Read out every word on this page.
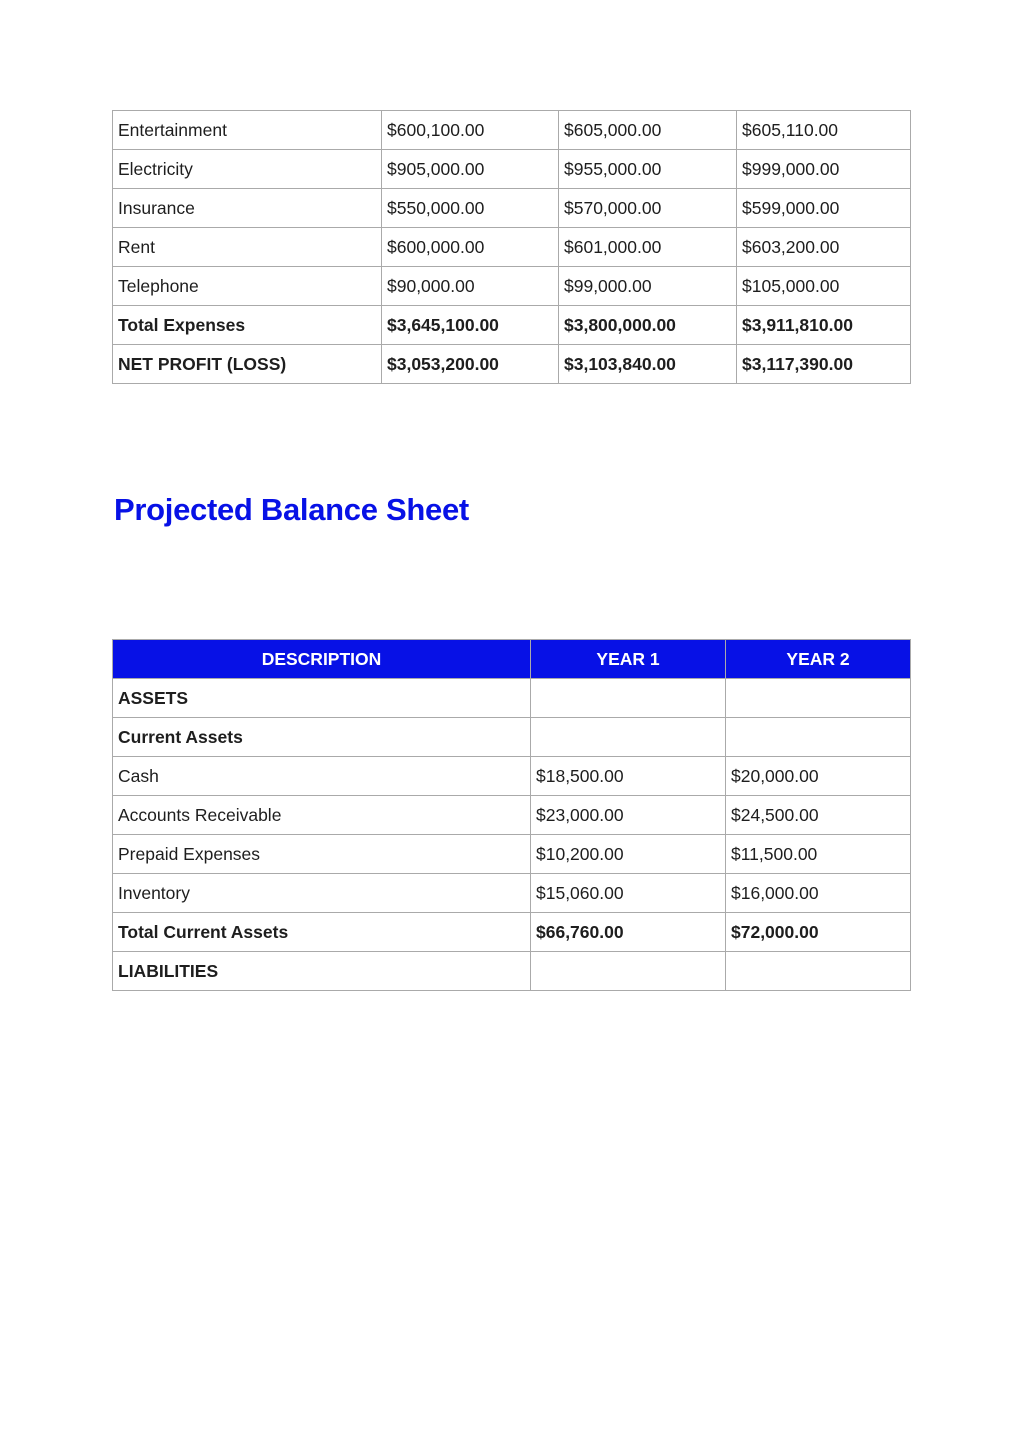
Entertainment	$600,100.00	$605,000.00	$605,110.00
Electricity	$905,000.00	$955,000.00	$999,000.00
Insurance	$550,000.00	$570,000.00	$599,000.00
Rent	$600,000.00	$601,000.00	$603,200.00
Telephone	$90,000.00	$99,000.00	$105,000.00
Total Expenses	$3,645,100.00	$3,800,000.00	$3,911,810.00
NET PROFIT (LOSS)	$3,053,200.00	$3,103,840.00	$3,117,390.00
Projected Balance Sheet
DESCRIPTION	YEAR 1	YEAR 2
ASSETS		
Current Assets		
Cash	$18,500.00	$20,000.00
Accounts Receivable	$23,000.00	$24,500.00
Prepaid Expenses	$10,200.00	$11,500.00
Inventory	$15,060.00	$16,000.00
Total Current Assets	$66,760.00	$72,000.00
LIABILITIES		
